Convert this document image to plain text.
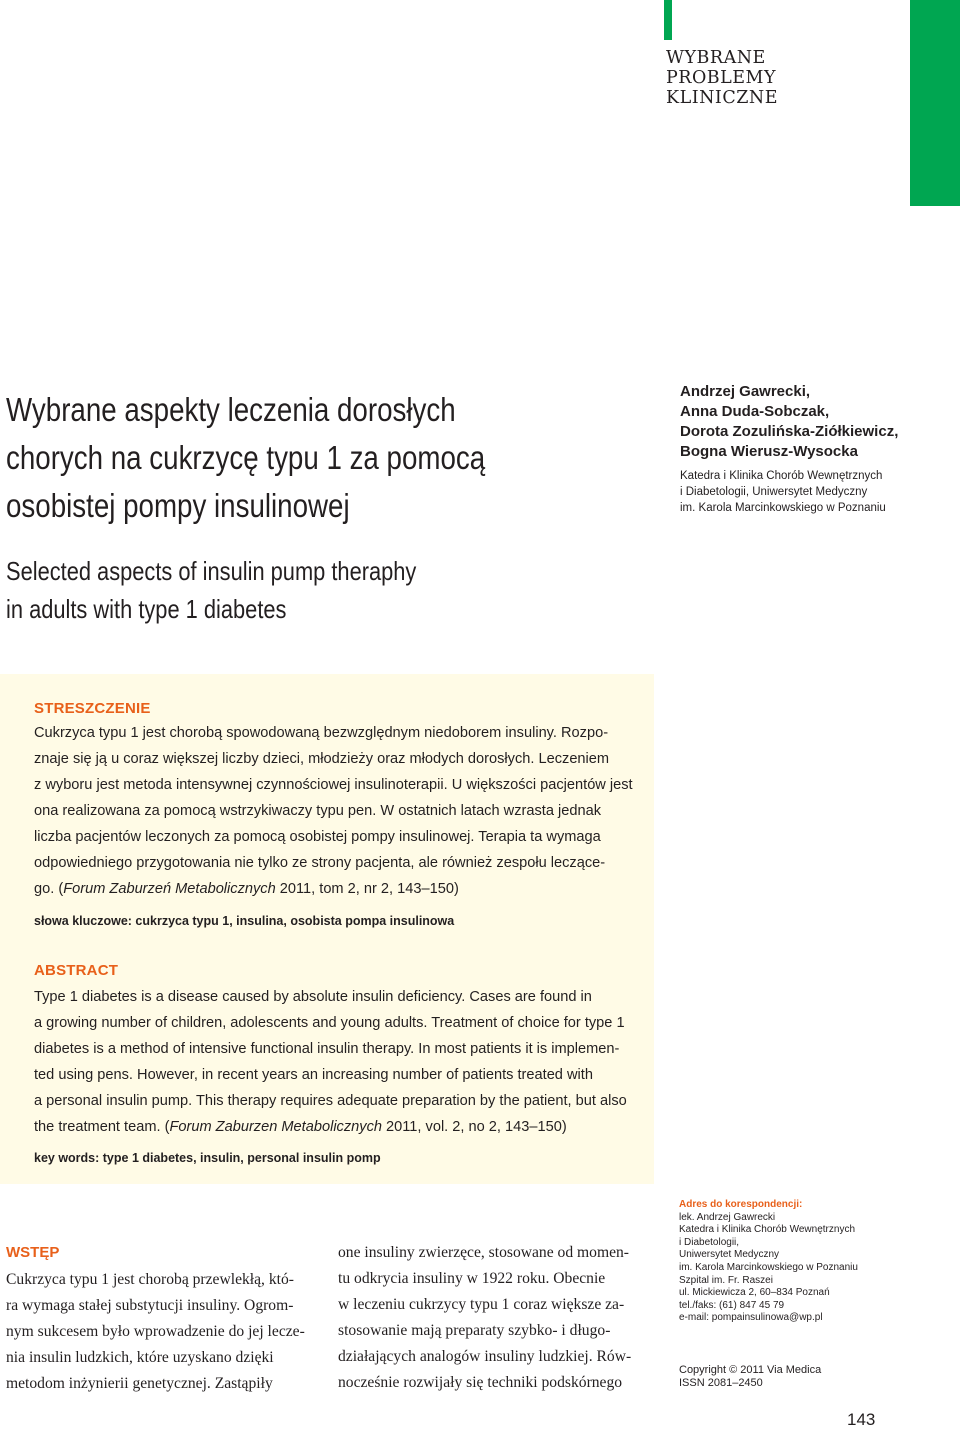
WYBRANE
PROBLEMY
KLINICZNE
Wybrane aspekty leczenia dorosłych
chorych na cukrzycę typu 1 za pomocą
osobistej pompy insulinowej
Selected aspects of insulin pump theraphy
in adults with type 1 diabetes
Andrzej Gawrecki,
Anna Duda-Sobczak,
Dorota Zozulińska-Ziółkiewicz,
Bogna Wierusz-Wysocka
Katedra i Klinika Chorób Wewnętrznych
i Diabetologii, Uniwersytet Medyczny
im. Karola Marcinkowskiego w Poznaniu
STRESZCZENIE
Cukrzyca typu 1 jest chorobą spowodowaną bezwzględnym niedoborem insuliny. Rozpo-
znaje się ją u coraz większej liczby dzieci, młodzieży oraz młodych dorosłych. Leczeniem
z wyboru jest metoda intensywnej czynnościowej insulinoterapii. U większości pacjentów jest
ona realizowana za pomocą wstrzykiwaczy typu pen. W ostatnich latach wzrasta jednak
liczba pacjentów leczonych za pomocą osobistej pompy insulinowej. Terapia ta wymaga
odpowiedniego przygotowania nie tylko ze strony pacjenta, ale również zespołu leczące-
go. (Forum Zaburzeń Metabolicznych 2011, tom 2, nr 2, 143–150)
słowa kluczowe: cukrzyca typu 1, insulina, osobista pompa insulinowa
ABSTRACT
Type 1 diabetes is a disease caused by absolute insulin deficiency. Cases are found in
a growing number of children, adolescents and young adults. Treatment of choice for type 1
diabetes is a method of intensive functional insulin therapy. In most patients it is implemen-
ted using pens. However, in recent years an increasing number of patients treated with
a personal insulin pump. This therapy requires adequate preparation by the patient, but also
the treatment team. (Forum Zaburzen Metabolicznych 2011, vol. 2, no 2, 143–150)
key words: type 1 diabetes, insulin, personal insulin pomp
WSTĘP
Cukrzyca typu 1 jest chorobą przewlekłą, któ-
ra wymaga stałej substytucji insuliny. Ogrom-
nym sukcesem było wprowadzenie do jej lecze-
nia insulin ludzkich, które uzyskano dzięki
metodom inżynierii genetycznej. Zastąpiły
one insuliny zwierzęce, stosowane od momen-
tu odkrycia insuliny w 1922 roku. Obecnie
w leczeniu cukrzycy typu 1 coraz większe za-
stosowanie mają preparaty szybko- i długo-
działających analogów insuliny ludzkiej. Rów-
nocześnie rozwijały się techniki podskórnego
Adres do korespondencji:
lek. Andrzej Gawrecki
Katedra i Klinika Chorób Wewnętrznych
i Diabetologii,
Uniwersytet Medyczny
im. Karola Marcinkowskiego w Poznaniu
Szpital im. Fr. Raszei
ul. Mickiewicza 2, 60–834 Poznań
tel./faks: (61) 847 45 79
e-mail: pompainsulinowa@wp.pl
Copyright © 2011 Via Medica
ISSN 2081–2450
143
